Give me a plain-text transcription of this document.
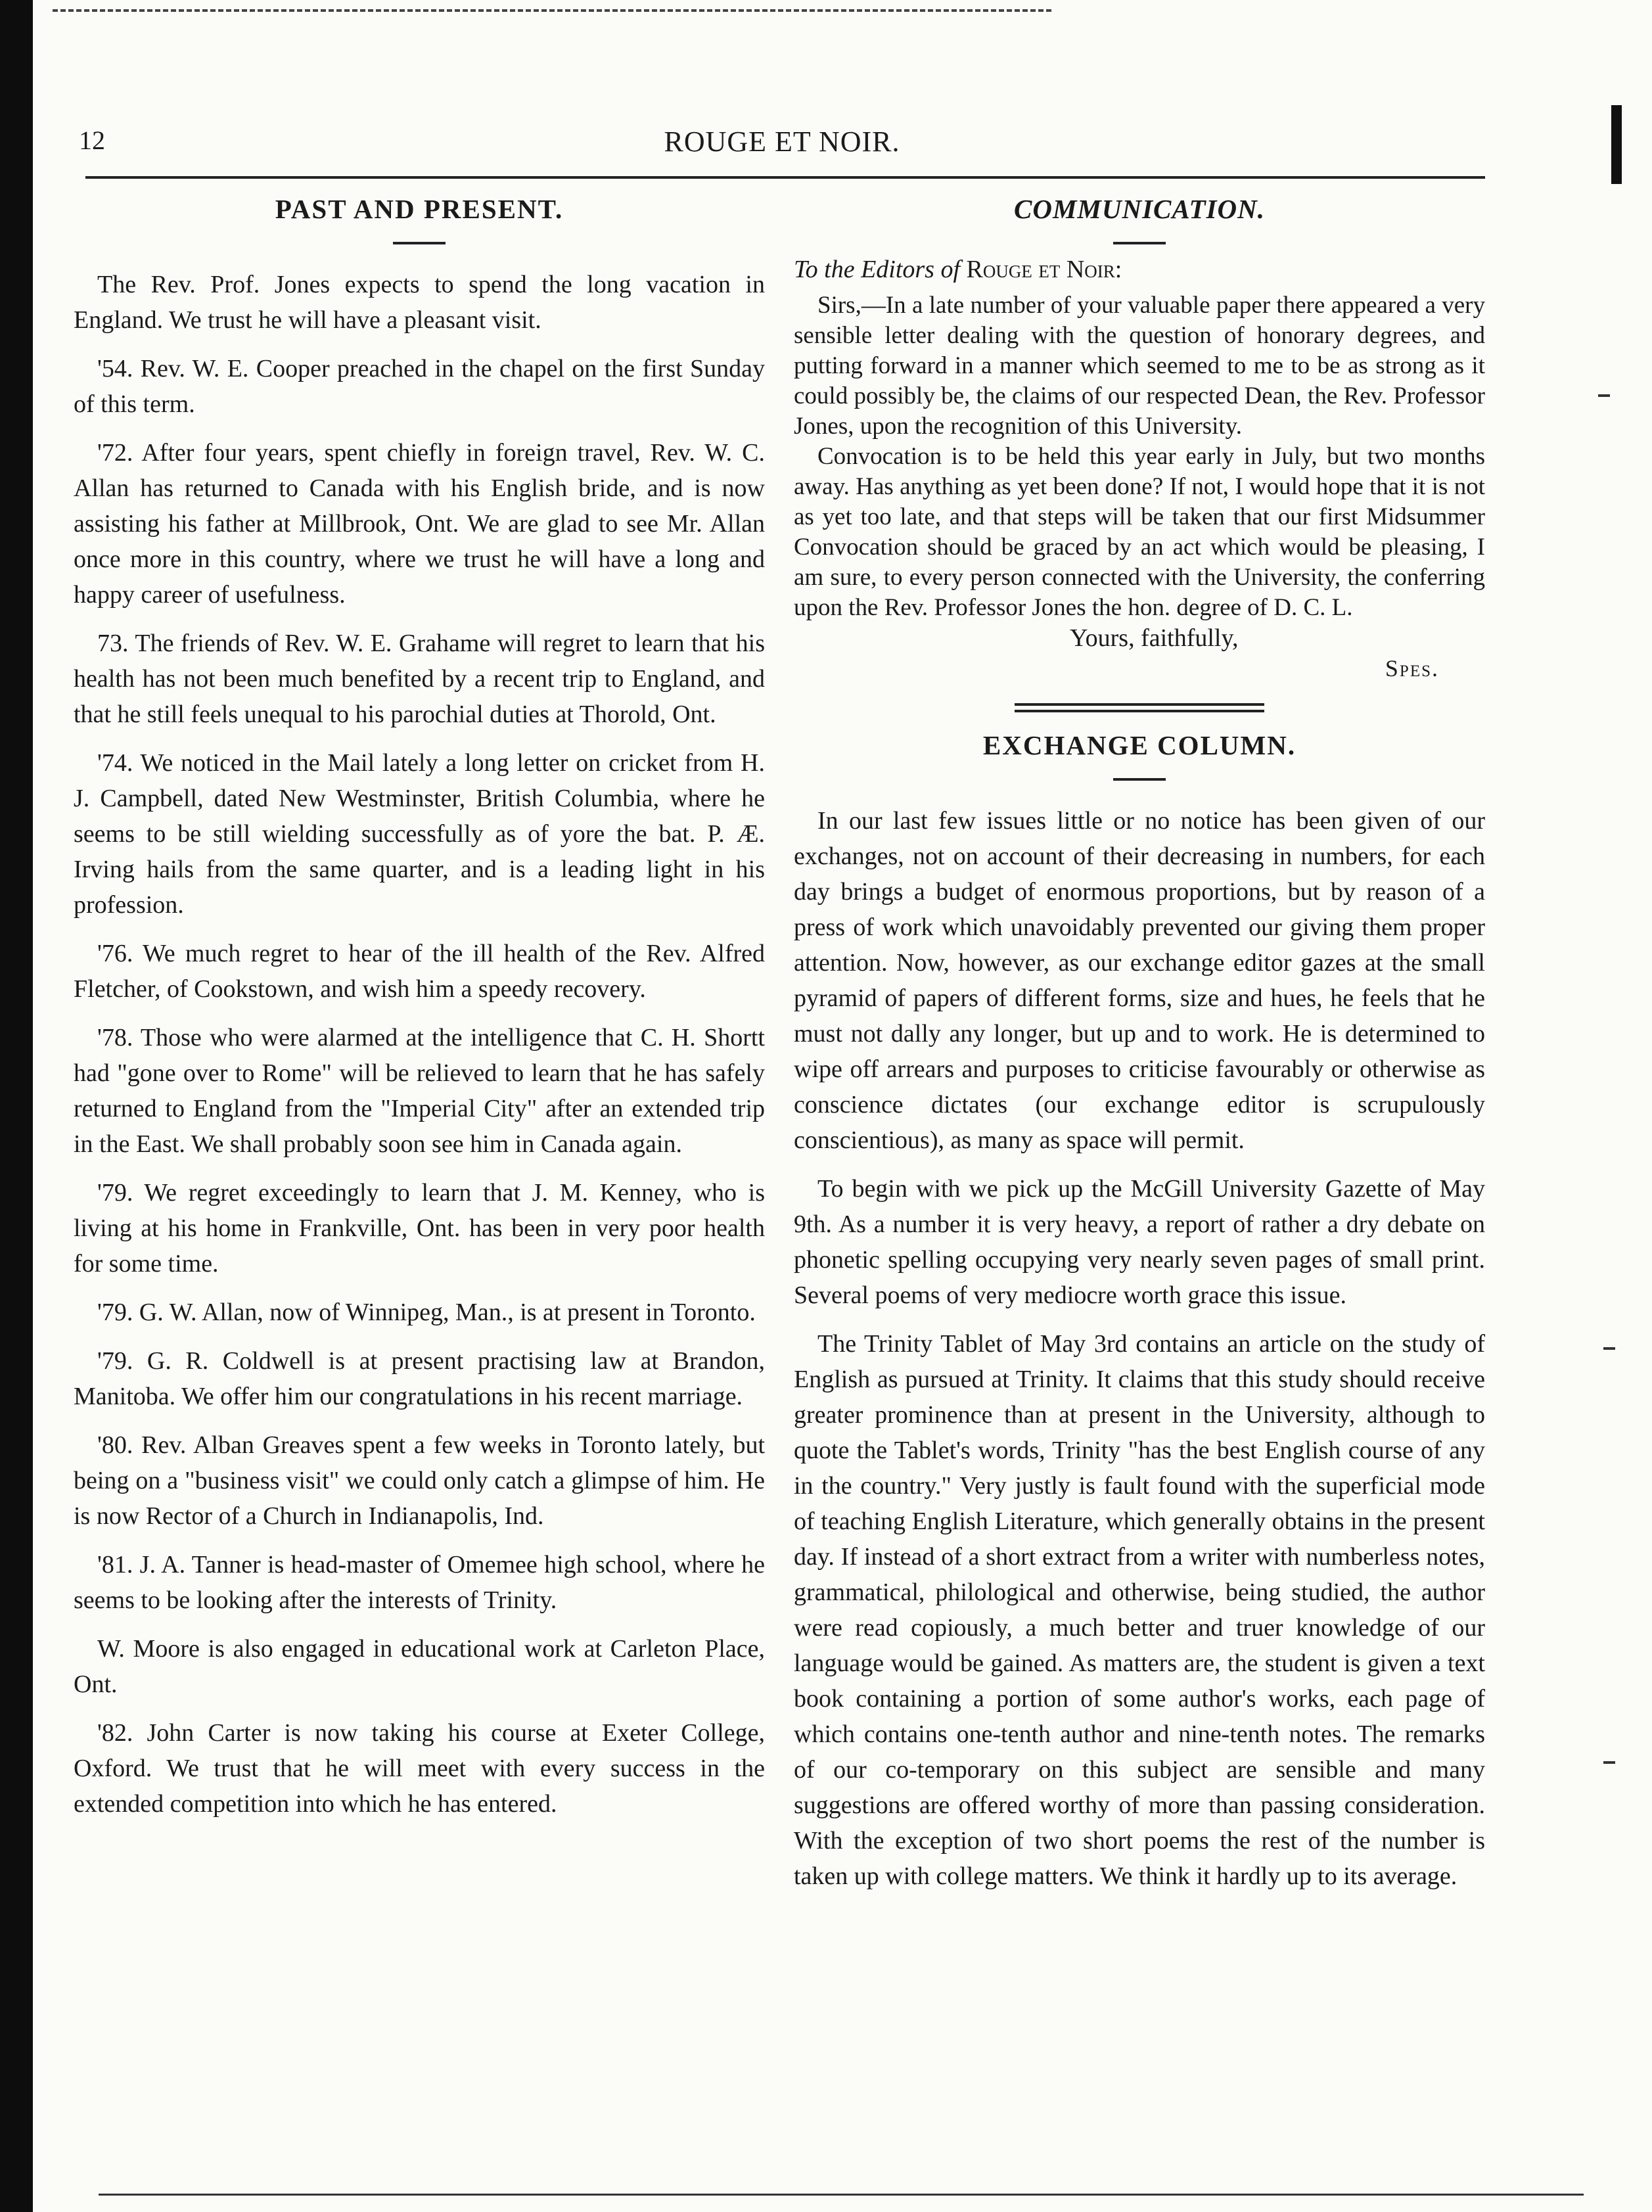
12	ROUGE ET NOIR.
PAST AND PRESENT.

The Rev. Prof. Jones expects to spend the long vacation in England. We trust he will have a pleasant visit.

'54. Rev. W. E. Cooper preached in the chapel on the first Sunday of this term.

'72. After four years, spent chiefly in foreign travel, Rev. W. C. Allan has returned to Canada with his English bride, and is now assisting his father at Millbrook, Ont. We are glad to see Mr. Allan once more in this country, where we trust he will have a long and happy career of usefulness.

73. The friends of Rev. W. E. Grahame will regret to learn that his health has not been much benefited by a recent trip to England, and that he still feels unequal to his parochial duties at Thorold, Ont.

'74. We noticed in the Mail lately a long letter on cricket from H. J. Campbell, dated New Westminster, British Columbia, where he seems to be still wielding successfully as of yore the bat. P. Æ. Irving hails from the same quarter, and is a leading light in his profession.

'76. We much regret to hear of the ill health of the Rev. Alfred Fletcher, of Cookstown, and wish him a speedy recovery.

'78. Those who were alarmed at the intelligence that C. H. Shortt had "gone over to Rome" will be relieved to learn that he has safely returned to England from the "Imperial City" after an extended trip in the East. We shall probably soon see him in Canada again.

'79. We regret exceedingly to learn that J. M. Kenney, who is living at his home in Frankville, Ont. has been in very poor health for some time.

'79. G. W. Allan, now of Winnipeg, Man., is at present in Toronto.

'79. G. R. Coldwell is at present practising law at Brandon, Manitoba. We offer him our congratulations in his recent marriage.

'80. Rev. Alban Greaves spent a few weeks in Toronto lately, but being on a "business visit" we could only catch a glimpse of him. He is now Rector of a Church in Indianapolis, Ind.

'81. J. A. Tanner is head-master of Omemee high school, where he seems to be looking after the interests of Trinity.

W. Moore is also engaged in educational work at Carleton Place, Ont.

'82. John Carter is now taking his course at Exeter College, Oxford. We trust that he will meet with every success in the extended competition into which he has entered.

COMMUNICATION.

To the Editors of Rouge et Noir:

Sirs,—In a late number of your valuable paper there appeared a very sensible letter dealing with the question of honorary degrees, and putting forward in a manner which seemed to me to be as strong as it could possibly be, the claims of our respected Dean, the Rev. Professor Jones, upon the recognition of this University.

Convocation is to be held this year early in July, but two months away. Has anything as yet been done? If not, I would hope that it is not as yet too late, and that steps will be taken that our first Midsummer Convocation should be graced by an act which would be pleasing, I am sure, to every person connected with the University, the conferring upon the Rev. Professor Jones the hon. degree of D. C. L.

Yours, faithfully,

Spes.

EXCHANGE COLUMN.

In our last few issues little or no notice has been given of our exchanges, not on account of their decreasing in numbers, for each day brings a budget of enormous proportions, but by reason of a press of work which unavoidably prevented our giving them proper attention. Now, however, as our exchange editor gazes at the small pyramid of papers of different forms, size and hues, he feels that he must not dally any longer, but up and to work. He is determined to wipe off arrears and purposes to criticise favourably or otherwise as conscience dictates (our exchange editor is scrupulously conscientious), as many as space will permit.

To begin with we pick up the McGill University Gazette of May 9th. As a number it is very heavy, a report of rather a dry debate on phonetic spelling occupying very nearly seven pages of small print. Several poems of very mediocre worth grace this issue.

The Trinity Tablet of May 3rd contains an article on the study of English as pursued at Trinity. It claims that this study should receive greater prominence than at present in the University, although to quote the Tablet's words, Trinity "has the best English course of any in the country." Very justly is fault found with the superficial mode of teaching English Literature, which generally obtains in the present day. If instead of a short extract from a writer with numberless notes, grammatical, philological and otherwise, being studied, the author were read copiously, a much better and truer knowledge of our language would be gained. As matters are, the student is given a text book containing a portion of some author's works, each page of which contains one-tenth author and nine-tenth notes. The remarks of our co-temporary on this subject are sensible and many suggestions are offered worthy of more than passing consideration. With the exception of two short poems the rest of the number is taken up with college matters. We think it hardly up to its average.
